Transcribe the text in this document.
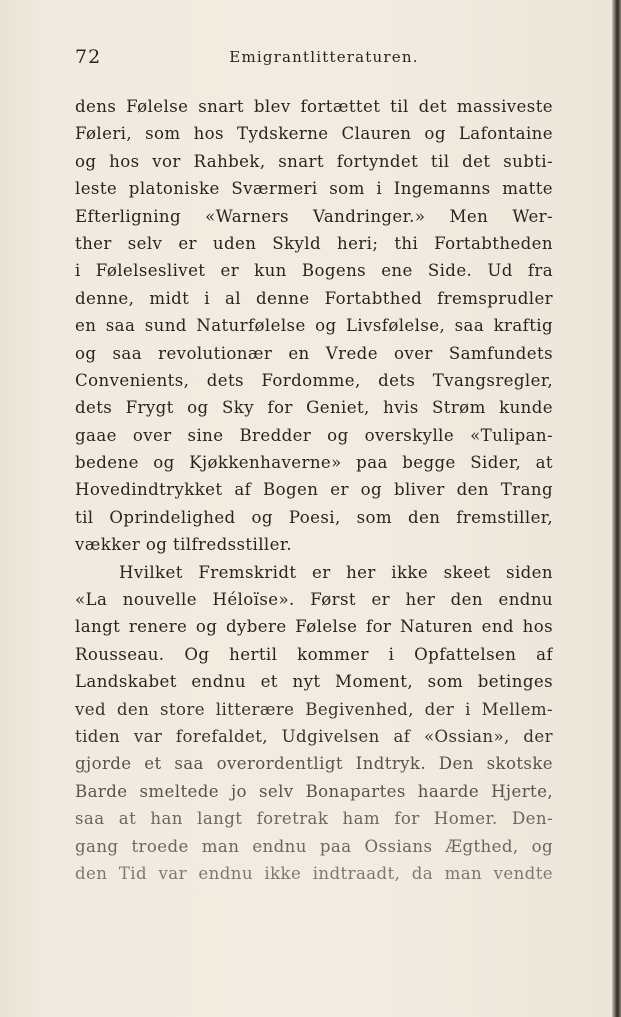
72	Emigrantlitteraturen.
dens Følelse snart blev fortættet til det massiveste
Føleri, som hos Tydskerne Clauren og Lafontaine
og hos vor Rahbek, snart fortyndet til det subti-
leste platoniske Sværmeri som i Ingemanns matte
Efterligning «Warners Vandringer.» Men Wer-
ther selv er uden Skyld heri; thi Fortabtheden
i Følelseslivet er kun Bogens ene Side. Ud fra
denne, midt i al denne Fortabthed fremsprudler
en saa sund Naturfølelse og Livsfølelse, saa kraftig
og saa revolutionær en Vrede over Samfundets
Convenients, dets Fordomme, dets Tvangsregler,
dets Frygt og Sky for Geniet, hvis Strøm kunde
gaae over sine Bredder og overskylle «Tulipan-
bedene og Kjøkkenhaverne» paa begge Sider, at
Hovedindtrykket af Bogen er og bliver den Trang
til Oprindelighed og Poesi, som den fremstiller,
vækker og tilfredsstiller.
Hvilket Fremskridt er her ikke skeet siden
«La nouvelle Héloïse». Først er her den endnu
langt renere og dybere Følelse for Naturen end hos
Rousseau. Og hertil kommer i Opfattelsen af
Landskabet endnu et nyt Moment, som betinges
ved den store litterære Begivenhed, der i Mellem-
tiden var forefaldet, Udgivelsen af «Ossian», der
gjorde et saa overordentligt Indtryk. Den skotske
Barde smeltede jo selv Bonapartes haarde Hjerte,
saa at han langt foretrak ham for Homer. Den-
gang troede man endnu paa Ossians Ægthed, og
den Tid var endnu ikke indtraadt, da man vendte
